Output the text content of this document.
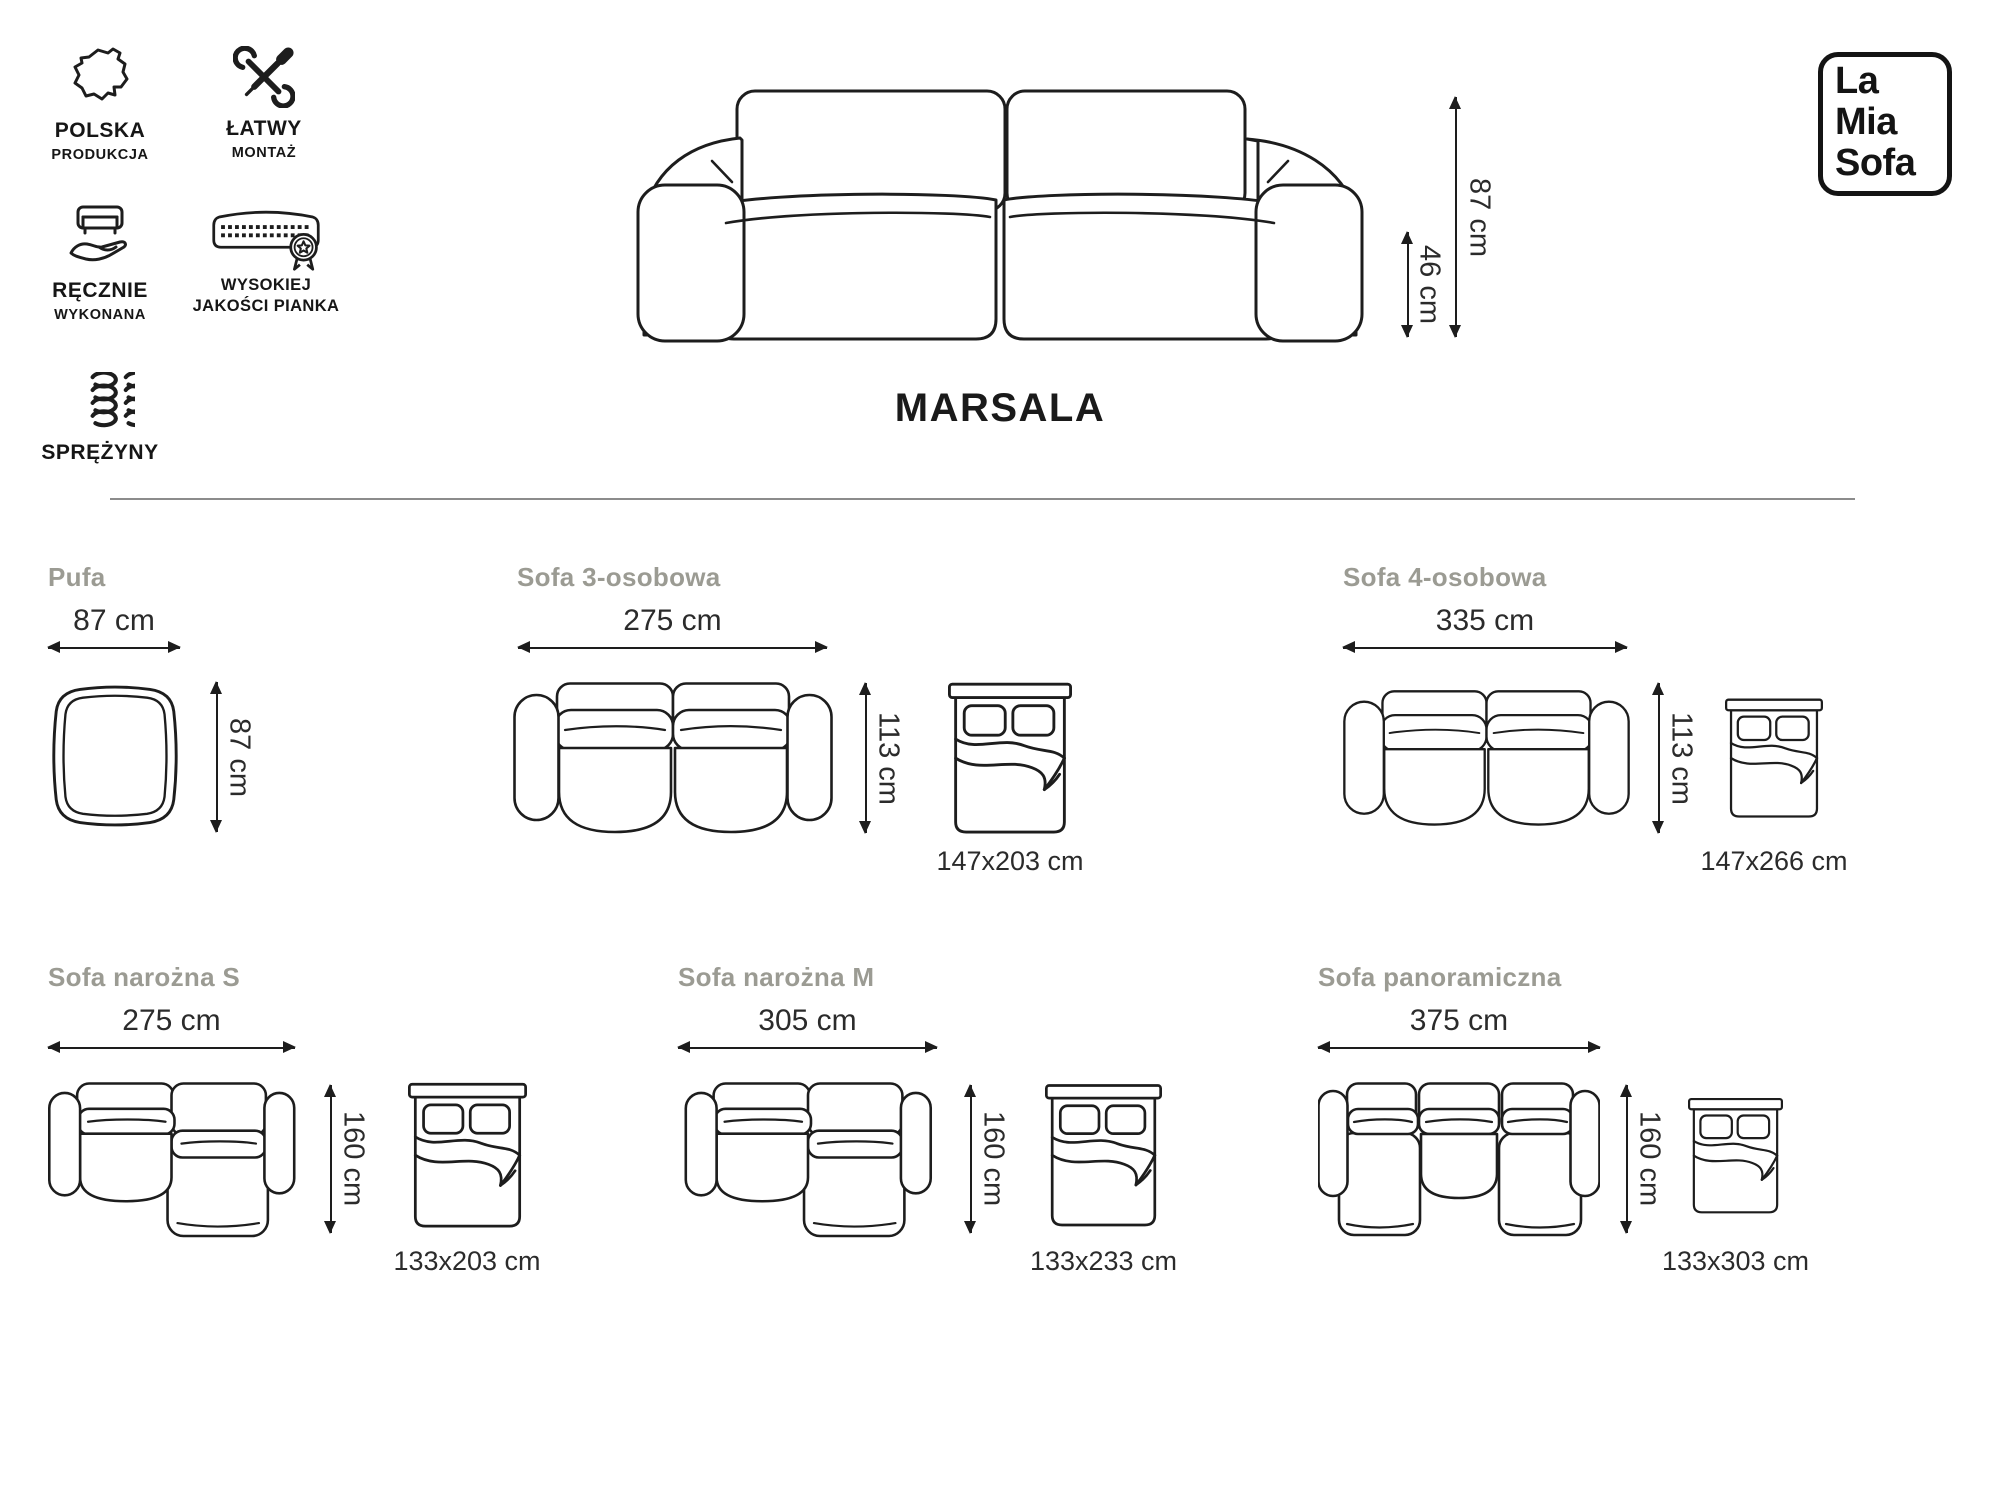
POLSKA
PRODUKCJA
ŁATWY
MONTAŻ
RĘCZNIE
WYKONANA
WYSOKIEJ
JAKOŚCI PIANKA
SPRĘŻYNY
87 cm
46 cm
La
Mia
Sofa
MARSALA
Pufa
87 cm
87 cm
Sofa 3-osobowa
275 cm
113 cm
147x203 cm
Sofa 4-osobowa
335 cm
113 cm
147x266 cm
Sofa narożna S
275 cm
160 cm
133x203 cm
Sofa narożna M
305 cm
160 cm
133x233 cm
Sofa panoramiczna
375 cm
160 cm
133x303 cm
